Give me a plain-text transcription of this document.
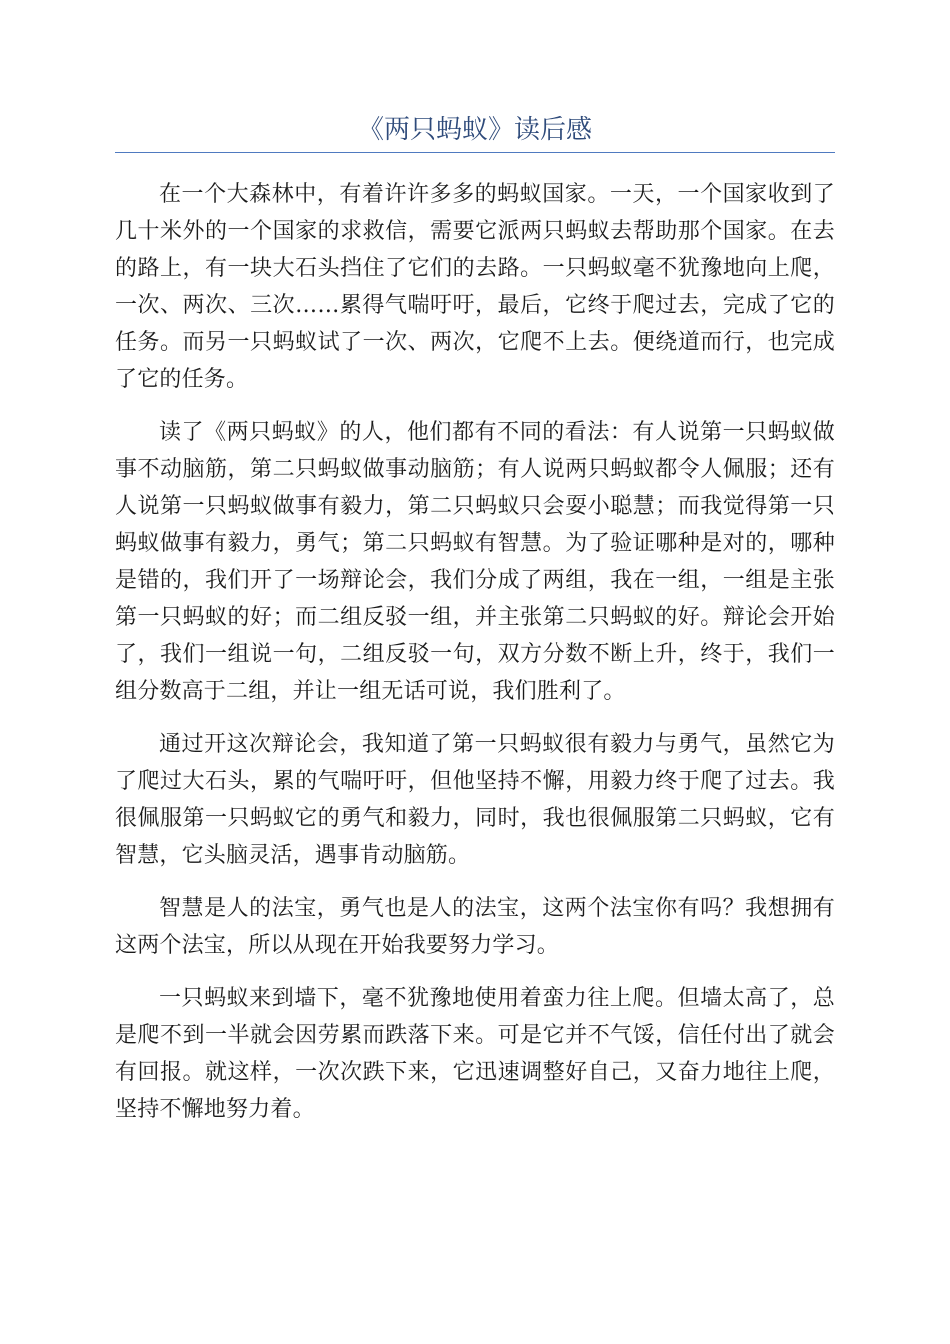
《两只蚂蚁》读后感

在一个大森林中，有着许许多多的蚂蚁国家。一天，一个国家收到了几十米外的一个国家的求救信，需要它派两只蚂蚁去帮助那个国家。在去的路上，有一块大石头挡住了它们的去路。一只蚂蚁毫不犹豫地向上爬，一次、两次、三次……累得气喘吁吁，最后，它终于爬过去，完成了它的任务。而另一只蚂蚁试了一次、两次，它爬不上去。便绕道而行，也完成了它的任务。

读了《两只蚂蚁》的人，他们都有不同的看法：有人说第一只蚂蚁做事不动脑筋，第二只蚂蚁做事动脑筋；有人说两只蚂蚁都令人佩服；还有人说第一只蚂蚁做事有毅力，第二只蚂蚁只会耍小聪慧；而我觉得第一只蚂蚁做事有毅力，勇气；第二只蚂蚁有智慧。为了验证哪种是对的，哪种是错的，我们开了一场辩论会，我们分成了两组，我在一组，一组是主张第一只蚂蚁的好；而二组反驳一组，并主张第二只蚂蚁的好。辩论会开始了，我们一组说一句，二组反驳一句，双方分数不断上升，终于，我们一组分数高于二组，并让一组无话可说，我们胜利了。

通过开这次辩论会，我知道了第一只蚂蚁很有毅力与勇气，虽然它为了爬过大石头，累的气喘吁吁，但他坚持不懈，用毅力终于爬了过去。我很佩服第一只蚂蚁它的勇气和毅力，同时，我也很佩服第二只蚂蚁，它有智慧，它头脑灵活，遇事肯动脑筋。

智慧是人的法宝，勇气也是人的法宝，这两个法宝你有吗？我想拥有这两个法宝，所以从现在开始我要努力学习。

一只蚂蚁来到墙下，毫不犹豫地使用着蛮力往上爬。但墙太高了，总是爬不到一半就会因劳累而跌落下来。可是它并不气馁，信任付出了就会有回报。就这样，一次次跌下来，它迅速调整好自己，又奋力地往上爬，坚持不懈地努力着。
